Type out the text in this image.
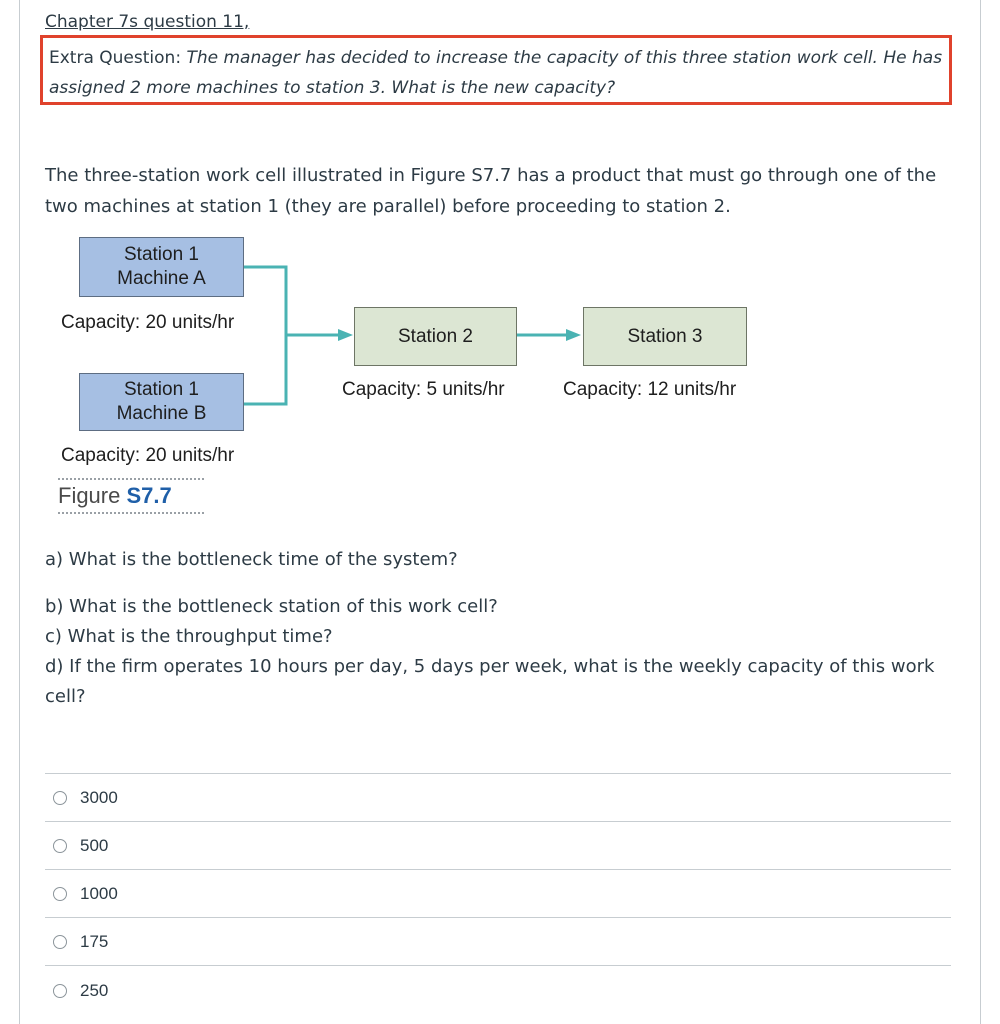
Chapter 7s question 11,
Extra Question: The manager has decided to increase the capacity of this three station work cell. He has assigned 2 more machines to station 3. What is the new capacity?

The three-station work cell illustrated in Figure S7.7 has a product that must go through one of the two machines at station 1 (they are parallel) before proceeding to station 2.

Station 1
Machine A
Capacity: 20 units/hr
Station 1
Machine B
Capacity: 20 units/hr
Station 2
Capacity: 5 units/hr
Station 3
Capacity: 12 units/hr
Figure S7.7

a) What is the bottleneck time of the system?

b) What is the bottleneck station of this work cell?

c) What is the throughput time?

d) If the firm operates 10 hours per day, 5 days per week, what is the weekly capacity of this work cell?

3000
500
1000
175
250
